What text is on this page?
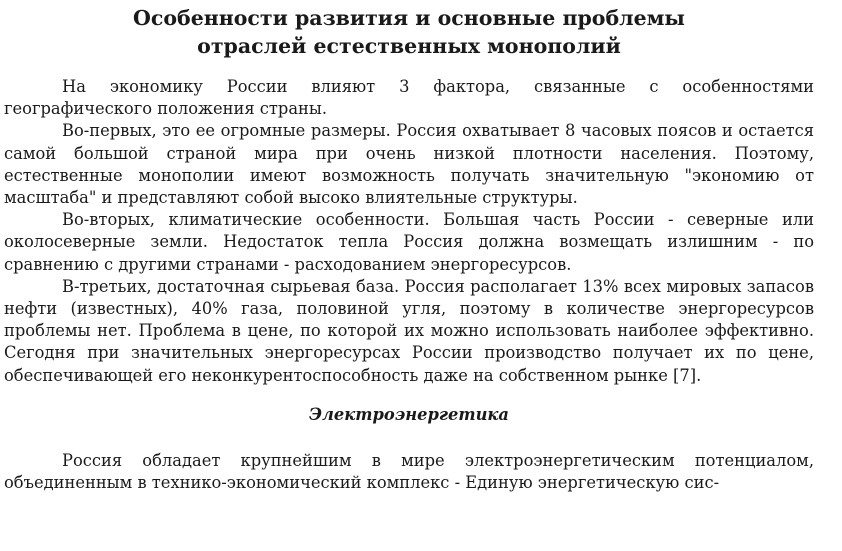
Особенности развития и основные проблемы
отраслей естественных монополий

На экономику России влияют 3 фактора, связанные с особенностями географического положения страны.

Во-первых, это ее огромные размеры. Россия охватывает 8 часовых поясов и остается самой большой страной мира при очень низкой плотности населения. Поэтому, естественные монополии имеют возможность получать значительную "экономию от масштаба" и представляют собой высоко влиятельные структуры.

Во-вторых, климатические особенности. Большая часть России - северные или околосеверные земли. Недостаток тепла Россия должна возмещать излишним - по сравнению с другими странами - расходованием энергоресурсов.

В-третьих, достаточная сырьевая база. Россия располагает 13% всех мировых запасов нефти (известных), 40% газа, половиной угля, поэтому в количестве энергоресурсов проблемы нет. Проблема в цене, по которой их можно использовать наиболее эффективно. Сегодня при значительных энергоресурсах России производство получает их по цене, обеспечивающей его неконкурентоспособность даже на собственном рынке [7].

Электроэнергетика

Россия обладает крупнейшим в мире электроэнергетическим потенциалом, объединенным в технико-экономический комплекс - Единую энергетическую сис-
